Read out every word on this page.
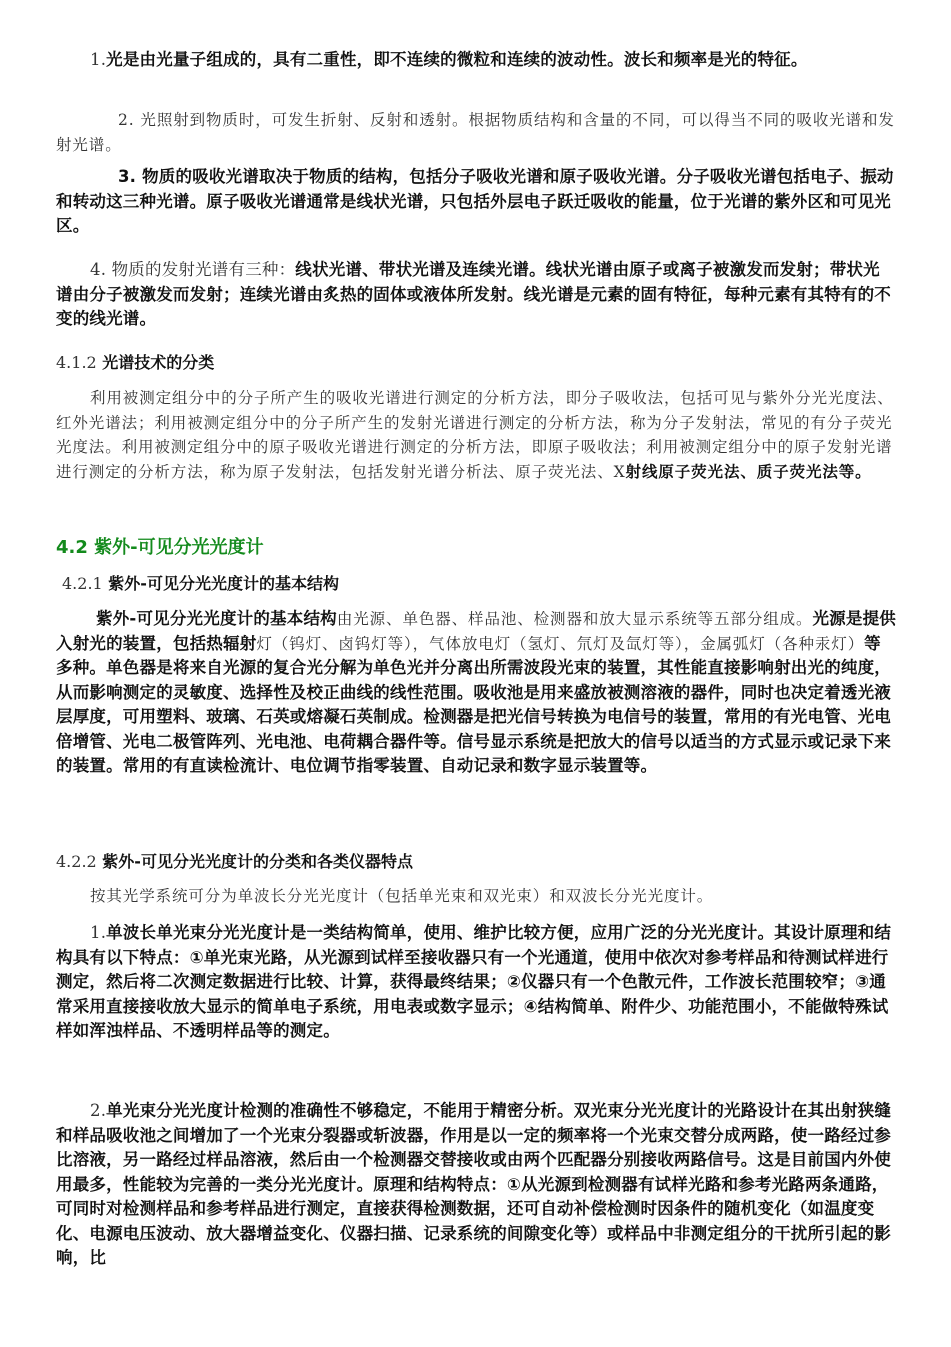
1.光是由光量子组成的，具有二重性，即不连续的微粒和连续的波动性。波长和频率是光的特征。

2. 光照射到物质时，可发生折射、反射和透射。根据物质结构和含量的不同，可以得当不同的吸收光谱和发射光谱。

3. 物质的吸收光谱取决于物质的结构，包括分子吸收光谱和原子吸收光谱。分子吸收光谱包括电子、振动和转动这三种光谱。原子吸收光谱通常是线状光谱，只包括外层电子跃迁吸收的能量，位于光谱的紫外区和可见光区。

4. 物质的发射光谱有三种：线状光谱、带状光谱及连续光谱。线状光谱由原子或离子被激发而发射；带状光谱由分子被激发而发射；连续光谱由炙热的固体或液体所发射。线光谱是元素的固有特征，每种元素有其特有的不变的线光谱。

4.1.2 光谱技术的分类

利用被测定组分中的分子所产生的吸收光谱进行测定的分析方法，即分子吸收法，包括可见与紫外分光光度法、红外光谱法；利用被测定组分中的分子所产生的发射光谱进行测定的分析方法，称为分子发射法，常见的有分子荧光光度法。利用被测定组分中的原子吸收光谱进行测定的分析方法，即原子吸收法；利用被测定组分中的原子发射光谱进行测定的分析方法，称为原子发射法，包括发射光谱分析法、原子荧光法、X射线原子荧光法、质子荧光法等。

4.2 紫外-可见分光光度计

4.2.1 紫外-可见分光光度计的基本结构

紫外-可见分光光度计的基本结构由光源、单色器、样品池、检测器和放大显示系统等五部分组成。光源是提供入射光的装置，包括热辐射灯（钨灯、卤钨灯等），气体放电灯（氢灯、氘灯及氙灯等），金属弧灯（各种汞灯）等多种。单色器是将来自光源的复合光分解为单色光并分离出所需波段光束的装置，其性能直接影响射出光的纯度，从而影响测定的灵敏度、选择性及校正曲线的线性范围。吸收池是用来盛放被测溶液的器件，同时也决定着透光液层厚度，可用塑料、玻璃、石英或熔凝石英制成。检测器是把光信号转换为电信号的装置，常用的有光电管、光电倍增管、光电二极管阵列、光电池、电荷耦合器件等。信号显示系统是把放大的信号以适当的方式显示或记录下来的装置。常用的有直读检流计、电位调节指零装置、自动记录和数字显示装置等。

4.2.2 紫外-可见分光光度计的分类和各类仪器特点

按其光学系统可分为单波长分光光度计（包括单光束和双光束）和双波长分光光度计。

1.单波长单光束分光光度计是一类结构简单，使用、维护比较方便，应用广泛的分光光度计。其设计原理和结构具有以下特点：①单光束光路，从光源到试样至接收器只有一个光通道，使用中依次对参考样品和待测试样进行测定，然后将二次测定数据进行比较、计算，获得最终结果；②仪器只有一个色散元件，工作波长范围较窄；③通常采用直接接收放大显示的简单电子系统，用电表或数字显示；④结构简单、附件少、功能范围小，不能做特殊试样如浑浊样品、不透明样品等的测定。

2.单光束分光光度计检测的准确性不够稳定，不能用于精密分析。双光束分光光度计的光路设计在其出射狭缝和样品吸收池之间增加了一个光束分裂器或斩波器，作用是以一定的频率将一个光束交替分成两路，使一路经过参比溶液，另一路经过样品溶液，然后由一个检测器交替接收或由两个匹配器分别接收两路信号。这是目前国内外使用最多，性能较为完善的一类分光光度计。原理和结构特点：①从光源到检测器有试样光路和参考光路两条通路，可同时对检测样品和参考样品进行测定，直接获得检测数据，还可自动补偿检测时因条件的随机变化（如温度变化、电源电压波动、放大器增益变化、仪器扫描、记录系统的间隙变化等）或样品中非测定组分的干扰所引起的影响，比
